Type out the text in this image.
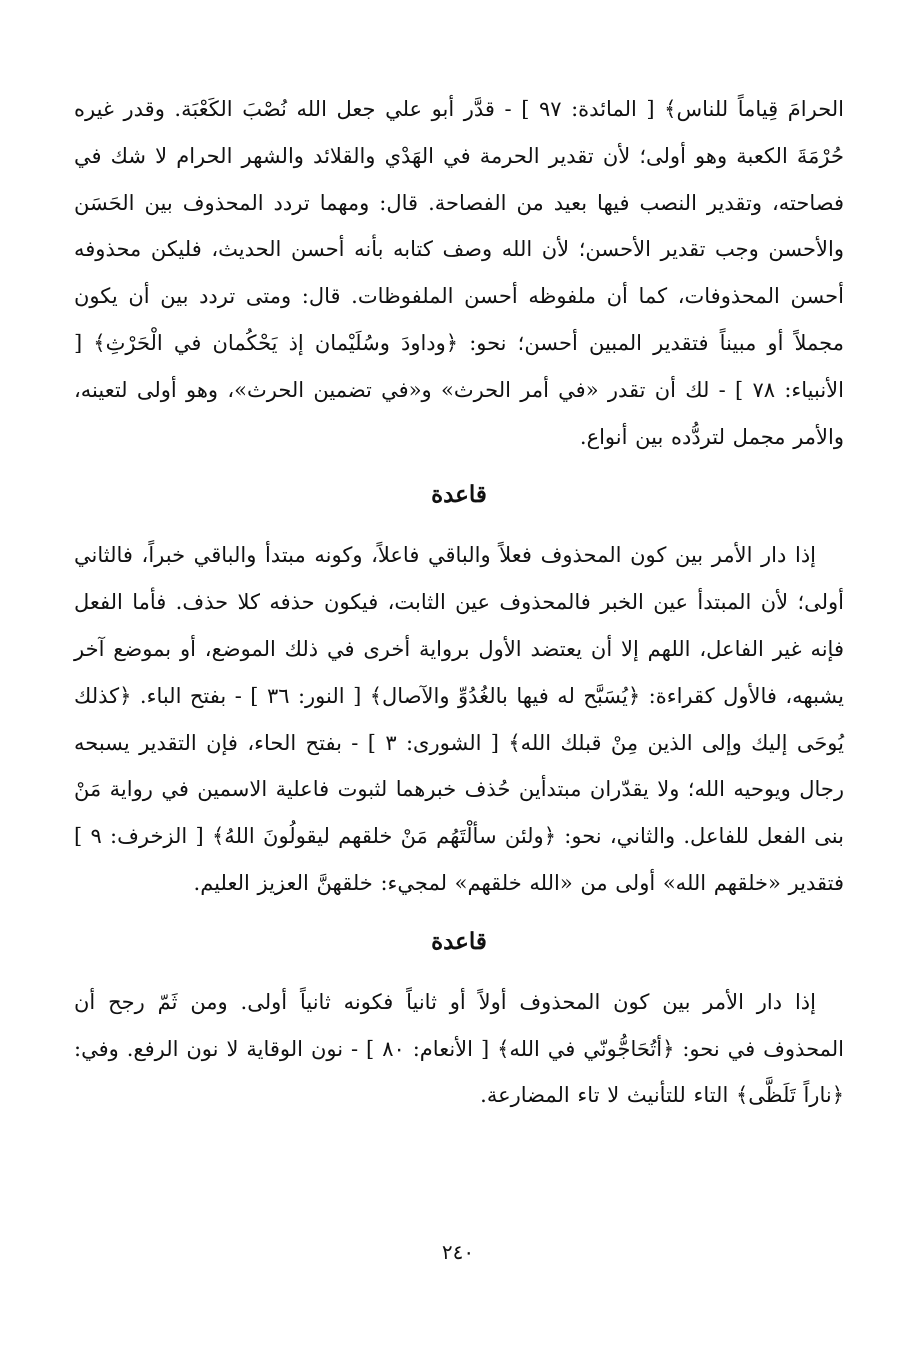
الحرامَ قِياماً للناس﴾ [ المائدة: ٩٧ ] - قدَّر أبو علي جعل الله نُصْبَ الكَعْبَة. وقدر غيره حُرْمَةَ الكعبة وهو أولى؛ لأن تقدير الحرمة في الهَدْي والقلائد والشهر الحرام لا شك في فصاحته، وتقدير النصب فيها بعيد من الفصاحة. قال: ومهما تردد المحذوف بين الحَسَن والأحسن وجب تقدير الأحسن؛ لأن الله وصف كتابه بأنه أحسن الحديث، فليكن محذوفه أحسن المحذوفات، كما أن ملفوظه أحسن الملفوظات. قال: ومتى تردد بين أن يكون مجملاً أو مبيناً فتقدير المبين أحسن؛ نحو: ﴿وداودَ وسُلَيْمان إذ يَحْكُمان في الْحَرْثِ﴾ [ الأنبياء: ٧٨ ] - لك أن تقدر «في أمر الحرث» و«في تضمين الحرث»، وهو أولى لتعينه، والأمر مجمل لتردُّده بين أنواع.

قاعدة

إذا دار الأمر بين كون المحذوف فعلاً والباقي فاعلاً، وكونه مبتدأ والباقي خبراً، فالثاني أولى؛ لأن المبتدأ عين الخبر فالمحذوف عين الثابت، فيكون حذفه كلا حذف. فأما الفعل فإنه غير الفاعل، اللهم إلا أن يعتضد الأول برواية أخرى في ذلك الموضع، أو بموضع آخر يشبهه، فالأول كقراءة: ﴿يُسَبَّح له فيها بالغُدُوِّ والآصال﴾ [ النور: ٣٦ ] - بفتح الباء. ﴿كذلك يُوحَى إليك وإلى الذين مِنْ قبلك الله﴾ [ الشورى: ٣ ] - بفتح الحاء، فإن التقدير يسبحه رجال ويوحيه الله؛ ولا يقدّران مبتدأين حُذف خبرهما لثبوت فاعلية الاسمين في رواية مَنْ بنى الفعل للفاعل. والثاني، نحو: ﴿ولئن سألْتَهُم مَنْ خلقهم ليقولُونَ اللهُ﴾ [ الزخرف: ٩ ] فتقدير «خلقهم الله» أولى من «الله خلقهم» لمجيء: خلقهنَّ العزيز العليم.

قاعدة

إذا دار الأمر بين كون المحذوف أولاً أو ثانياً فكونه ثانياً أولى. ومن ثَمّ رجح أن المحذوف في نحو: ﴿أتُحَاجُّونّي في الله﴾ [ الأنعام: ٨٠ ] - نون الوقاية لا نون الرفع. وفي: ﴿ناراً تَلَظَّى﴾ التاء للتأنيث لا تاء المضارعة.

٢٤٠
